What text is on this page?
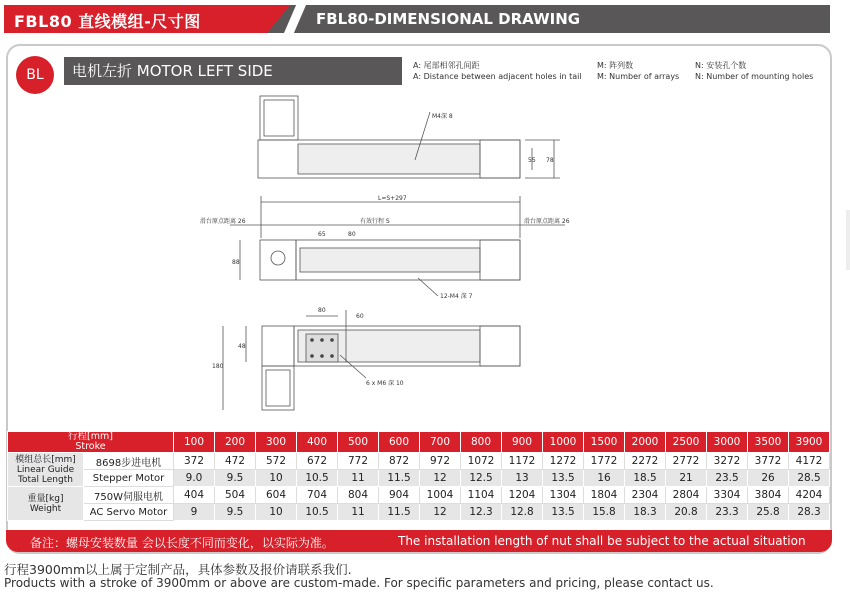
FBL80 直线模组-尺寸图	FBL80-DIMENSIONAL DRAWING
BL	电机左折 MOTOR LEFT SIDE	A: 尾部相邻孔间距
A: Distance between adjacent holes in tail
M: 阵列数
M: Number of arrays
N: 安装孔个数
N: Number of mounting holes
M4深 8
55 78
L=S+297
滑台原点距离 26	有效行程 S	滑台原点距离 26
88
65	80
12-M4 深 7
80
60
48
180
6 x M6 深 10
行程[mm]
Stroke		100	200	300	400	500	600	700	800	900	1000	1500	2000	2500	3000	3500	3900

模组总长[mm]
Linear Guide
Total Length	8698步进电机	372	472	572	672	772	872	972	1072	1172	1272	1772	2272	2772	3272	3772	4172
	Stepper Motor	9.0	9.5	10	10.5	11	11.5	12	12.5	13	13.5	16	18.5	21	23.5	26	28.5

重量[kg]
Weight	750W伺服电机	404	504	604	704	804	904	1004	1104	1204	1304	1804	2304	2804	3304	3804	4204
	AC Servo Motor	9	9.5	10	10.5	11	11.5	12	12.3	12.8	13.5	15.8	18.3	20.8	23.3	25.8	28.3
备注：螺母安装数量 会以长度不同而变化，以实际为准。	The installation length of nut shall be subject to the actual situation
行程3900mm以上属于定制产品，具体参数及报价请联系我们.
Products with a stroke of 3900mm or above are custom-made. For specific parameters and pricing, please contact us.
